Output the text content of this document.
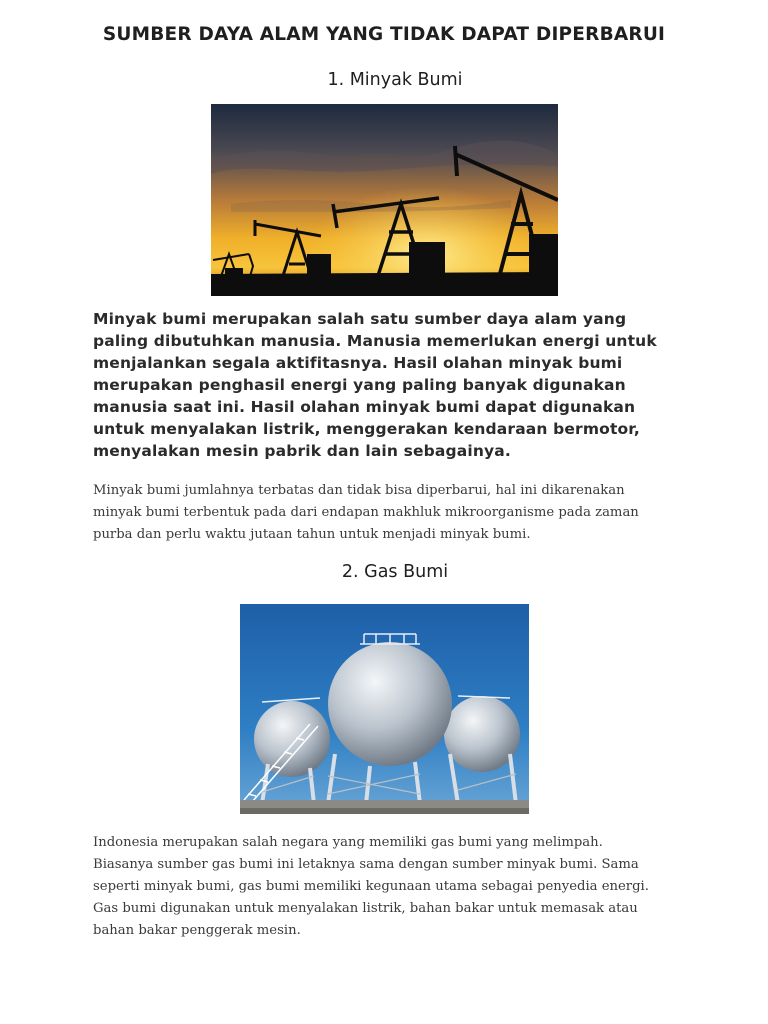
SUMBER DAYA ALAM YANG TIDAK DAPAT DIPERBARUI
1. Minyak Bumi
Minyak bumi merupakan salah satu sumber daya alam yang
paling dibutuhkan manusia. Manusia memerlukan energi untuk
menjalankan segala aktifitasnya. Hasil olahan minyak bumi
merupakan penghasil energi yang paling banyak digunakan
manusia saat ini. Hasil olahan minyak bumi dapat digunakan
untuk menyalakan listrik, menggerakan kendaraan bermotor,
menyalakan mesin pabrik dan lain sebagainya.
Minyak bumi jumlahnya terbatas dan tidak bisa diperbarui, hal ini dikarenakan
minyak bumi terbentuk pada dari endapan makhluk mikroorganisme pada zaman
purba dan perlu waktu jutaan tahun untuk menjadi minyak bumi.
2. Gas Bumi
Indonesia merupakan salah negara yang memiliki gas bumi yang melimpah.
Biasanya sumber gas bumi ini letaknya sama dengan sumber minyak bumi. Sama
seperti minyak bumi, gas bumi memiliki kegunaan utama sebagai penyedia energi.
Gas bumi digunakan untuk menyalakan listrik, bahan bakar untuk memasak atau
bahan bakar penggerak mesin.
